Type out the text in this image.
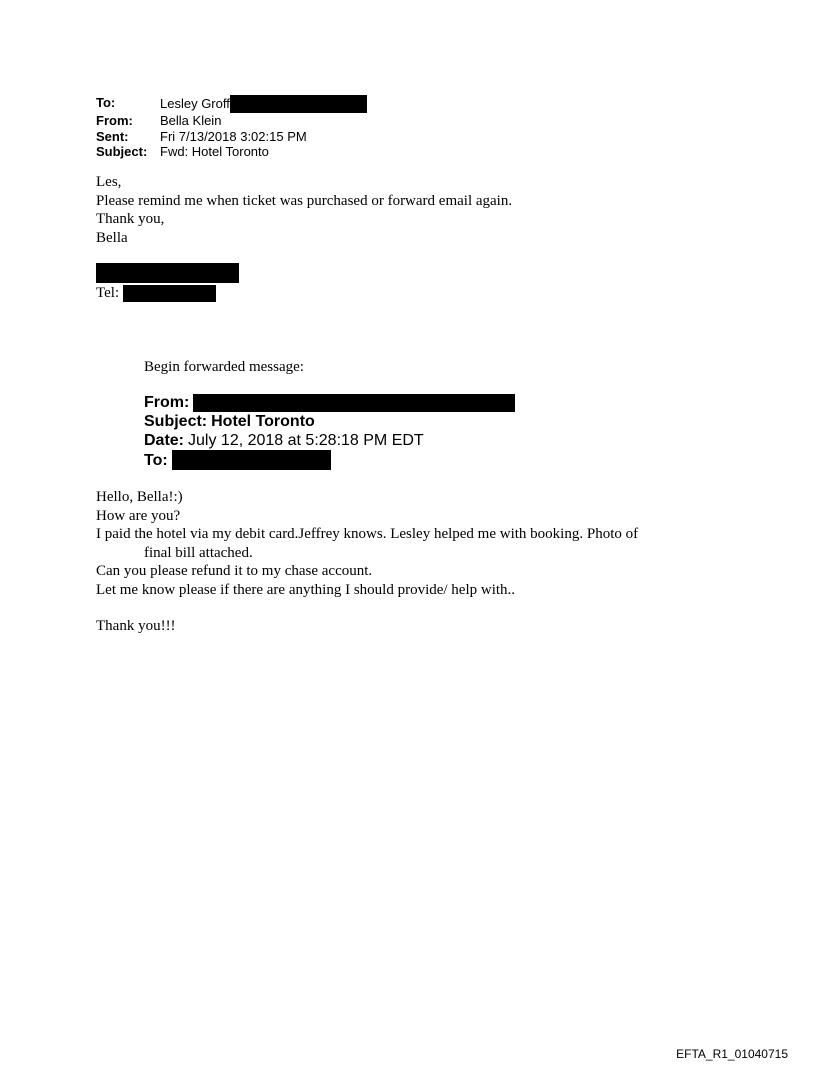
To:	Lesley Groff
From:	Bella Klein
Sent:	Fri 7/13/2018 3:02:15 PM
Subject: Fwd: Hotel Toronto
Les,
Please remind me when ticket was purchased or forward email again.
Thank you,
Bella
Tel:
Begin forwarded message:
From:
Subject: Hotel Toronto
Date: July 12, 2018 at 5:28:18 PM EDT
To:

Hello, Bella!:)

How are you?

I paid the hotel via my debit card.Jeffrey knows. Lesley helped me with booking. Photo of

final bill attached.

Can you please refund it to my chase account.

Let me know please if there are anything I should provide/ help with..

Thank you!!!

EFTA_R1_01040715
